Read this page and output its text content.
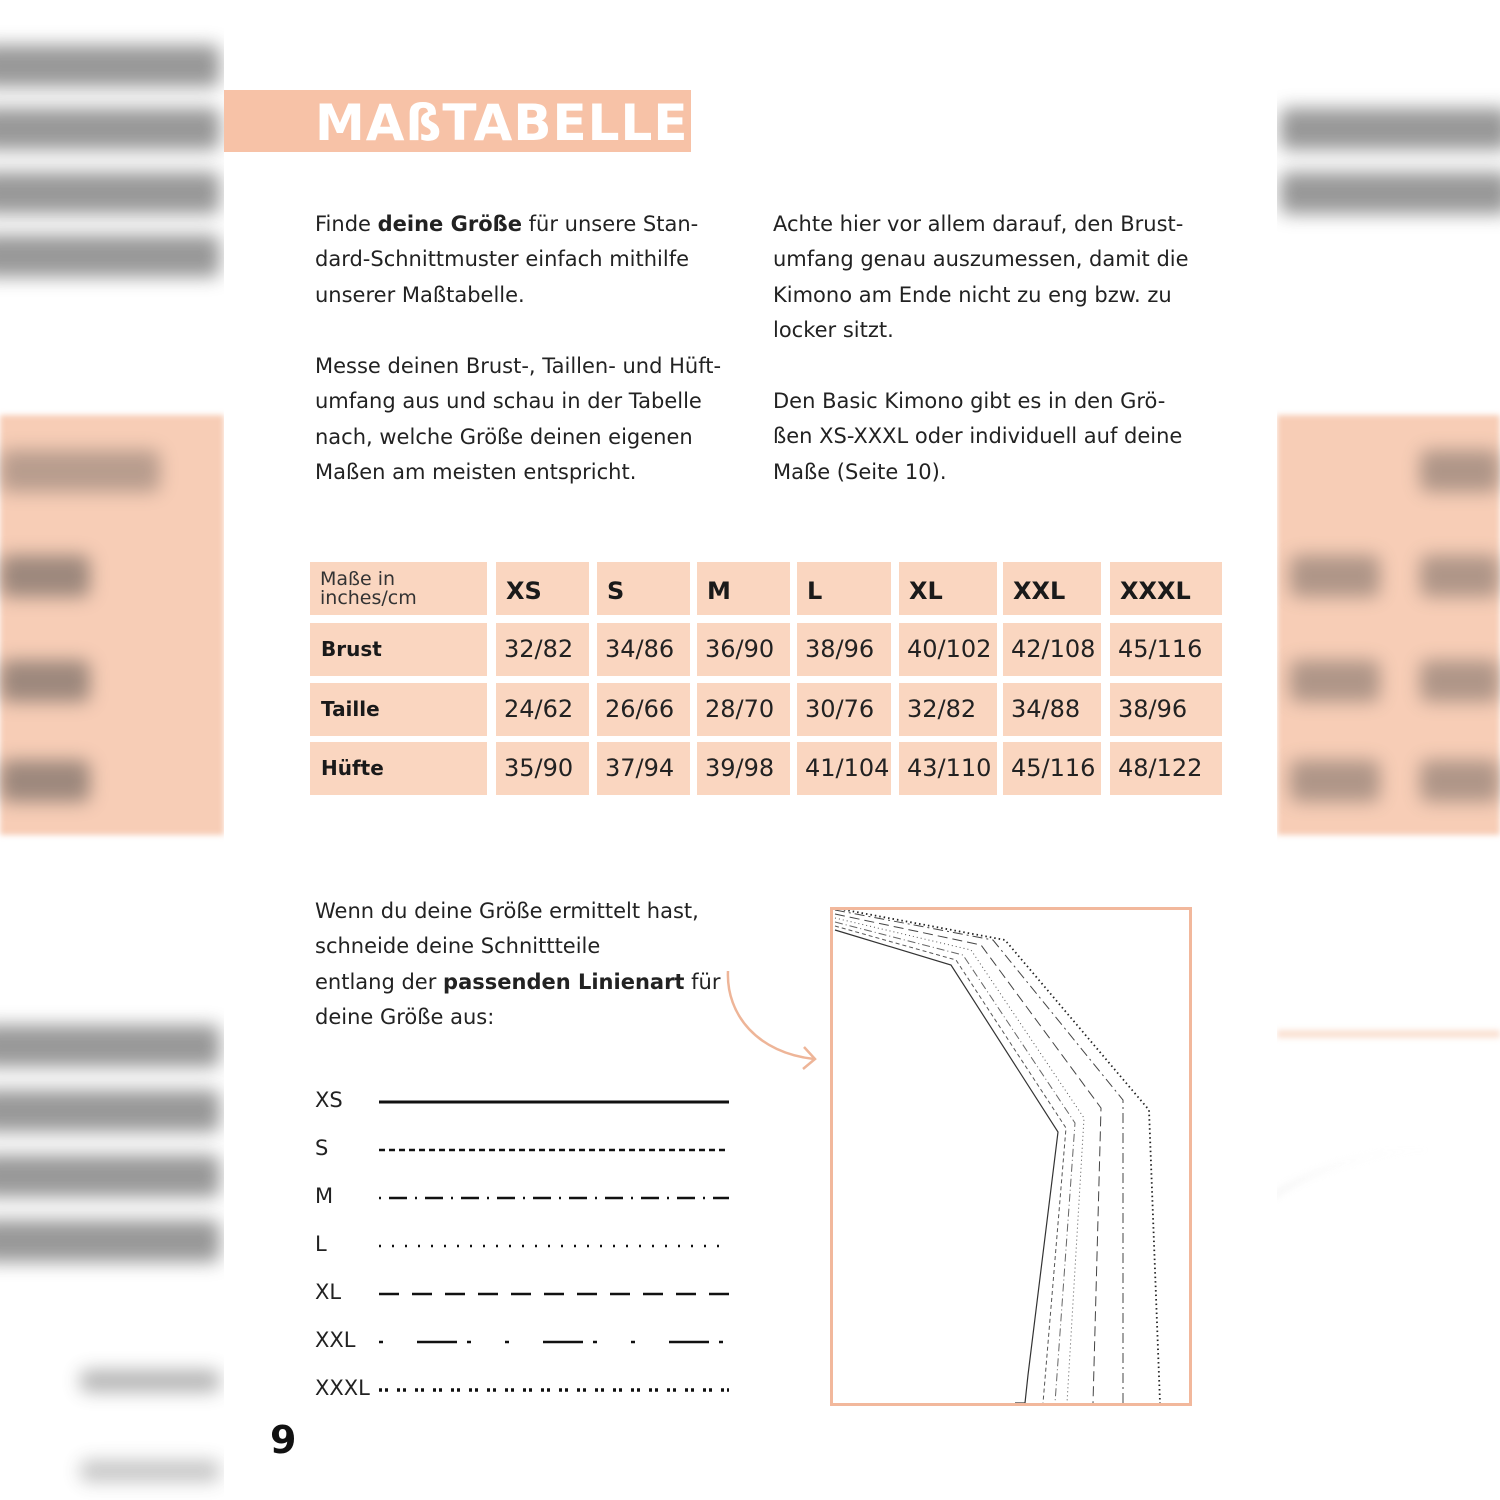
MAßTABELLE

Finde deine Größe für unsere Stan-
dard-Schnittmuster einfach mithilfe
unserer Maßtabelle.

Messe deinen Brust-, Taillen- und Hüft-
umfang aus und schau in der Tabelle
nach, welche Größe deinen eigenen
Maßen am meisten entspricht.

Achte hier vor allem darauf, den Brust-
umfang genau auszumessen, damit die
Kimono am Ende nicht zu eng bzw. zu
locker sitzt.

Den Basic Kimono gibt es in den Grö-
ßen XS-XXXL oder individuell auf deine
Maße (Seite 10).

Maße in
inches/cm	XS	S	M	L	XL	XXL XXXL
Brust	32/82 34/86 36/90 38/96 40/102 42/108 45/116
Taille	24/62 26/66 28/70 30/76 32/82 34/88 38/96
Hüfte	35/90 37/94 39/98 41/104 43/110 45/116 48/122

Wenn du deine Größe ermittelt hast,
schneide deine Schnittteile
entlang der passenden Linienart für
deine Größe aus:

XS
S
M
L
XL
XXL
XXXL

9
